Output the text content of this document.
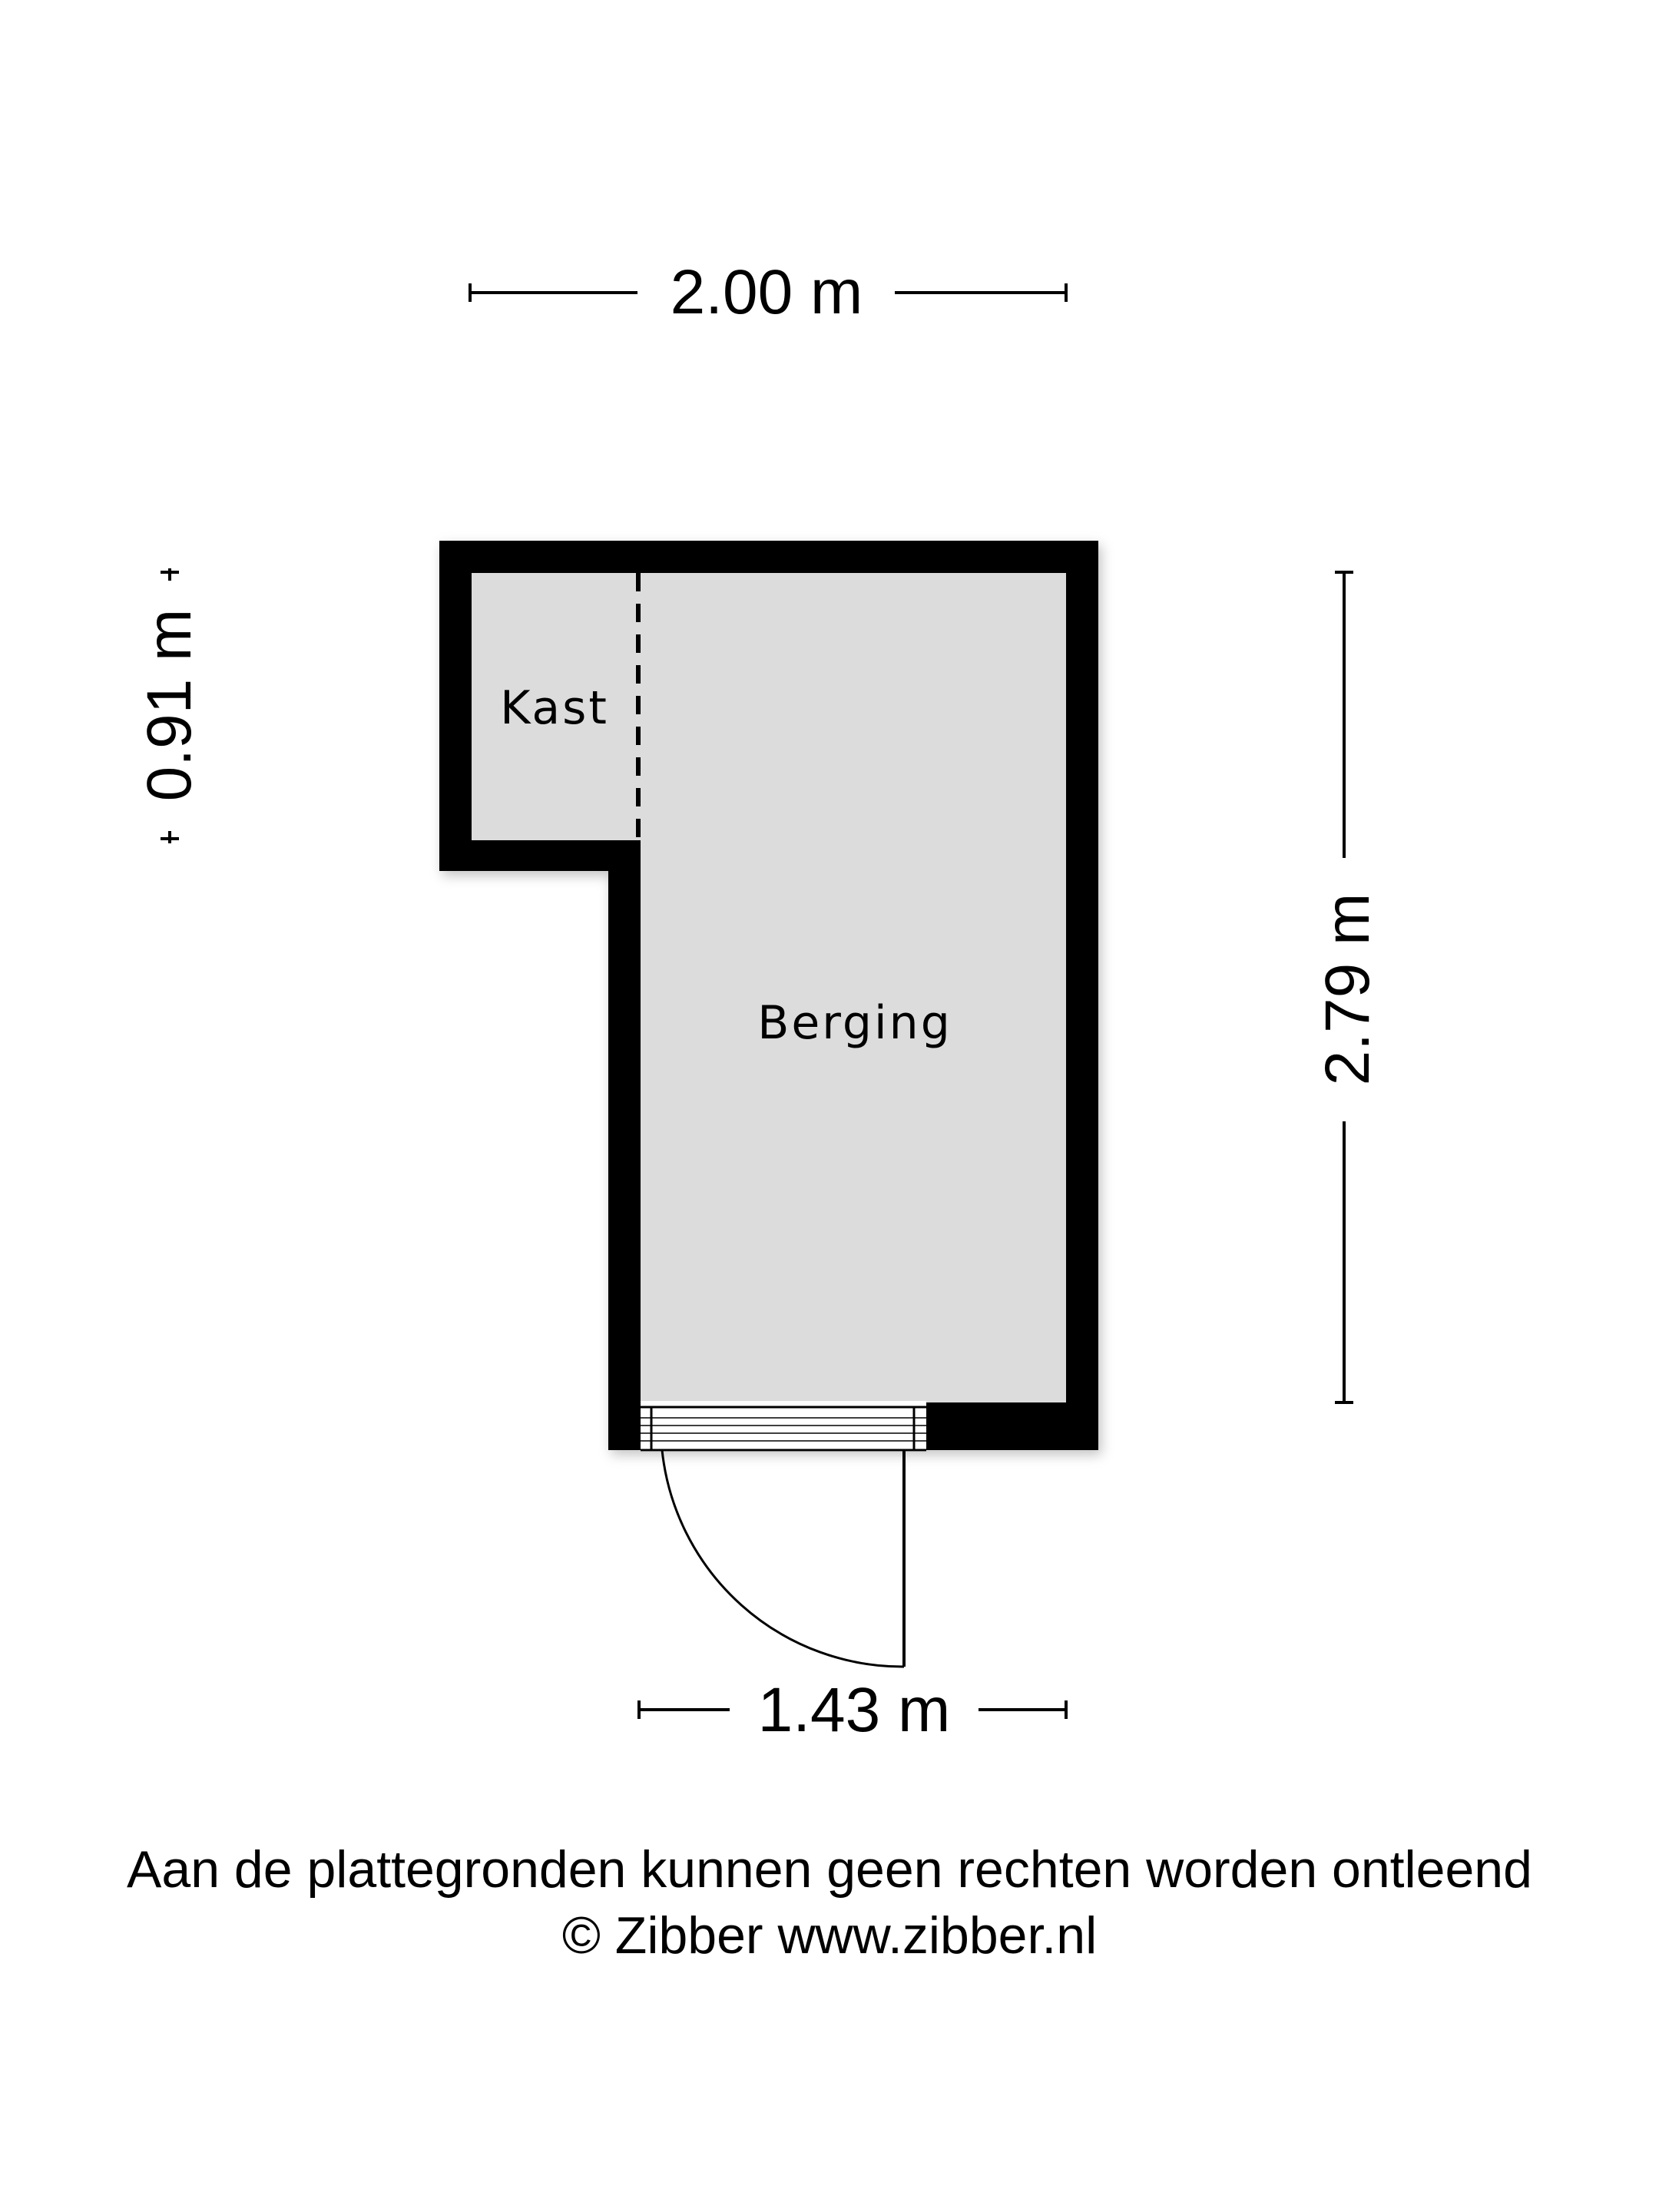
2.00 m
0.91 m
2.79 m
1.43 m
Kast
Berging
Aan de plattegronden kunnen geen rechten worden ontleend
© Zibber www.zibber.nl
